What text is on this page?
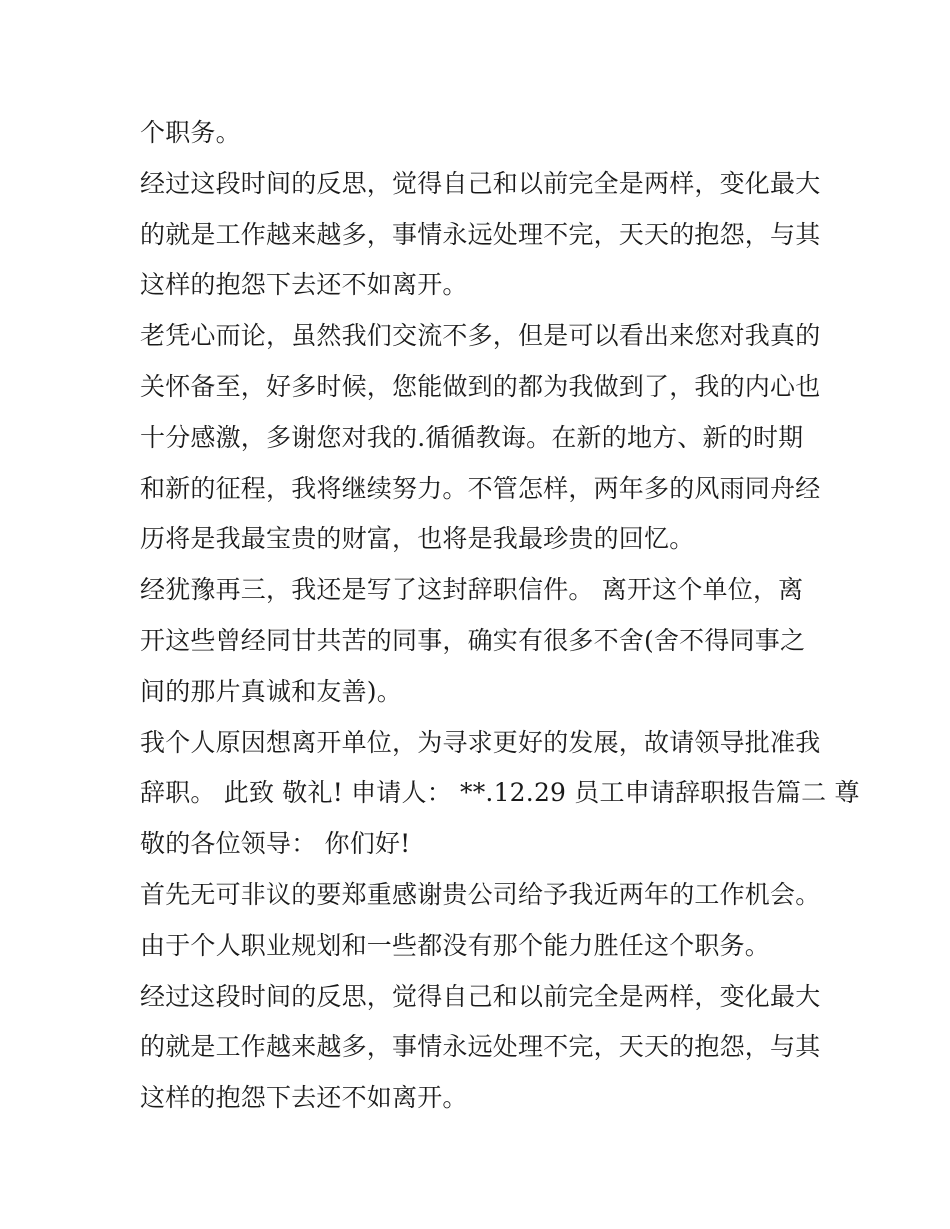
个职务。
经过这段时间的反思，觉得自己和以前完全是两样，变化最大
的就是工作越来越多，事情永远处理不完，天天的抱怨，与其
这样的抱怨下去还不如离开。
老凭心而论，虽然我们交流不多，但是可以看出来您对我真的
关怀备至，好多时候，您能做到的都为我做到了，我的内心也
十分感激，多谢您对我的.循循教诲。在新的地方、新的时期
和新的征程，我将继续努力。不管怎样，两年多的风雨同舟经
历将是我最宝贵的财富，也将是我最珍贵的回忆。
经犹豫再三，我还是写了这封辞职信件。 离开这个单位，离
开这些曾经同甘共苦的同事，确实有很多不舍(舍不得同事之
间的那片真诚和友善)。
我个人原因想离开单位，为寻求更好的发展，故请领导批准我
辞职。 此致 敬礼! 申请人： **.12.29 员工申请辞职报告篇二 尊
敬的各位领导： 你们好!
首先无可非议的要郑重感谢贵公司给予我近两年的工作机会。
由于个人职业规划和一些都没有那个能力胜任这个职务。
经过这段时间的反思，觉得自己和以前完全是两样，变化最大
的就是工作越来越多，事情永远处理不完，天天的抱怨，与其
这样的抱怨下去还不如离开。
